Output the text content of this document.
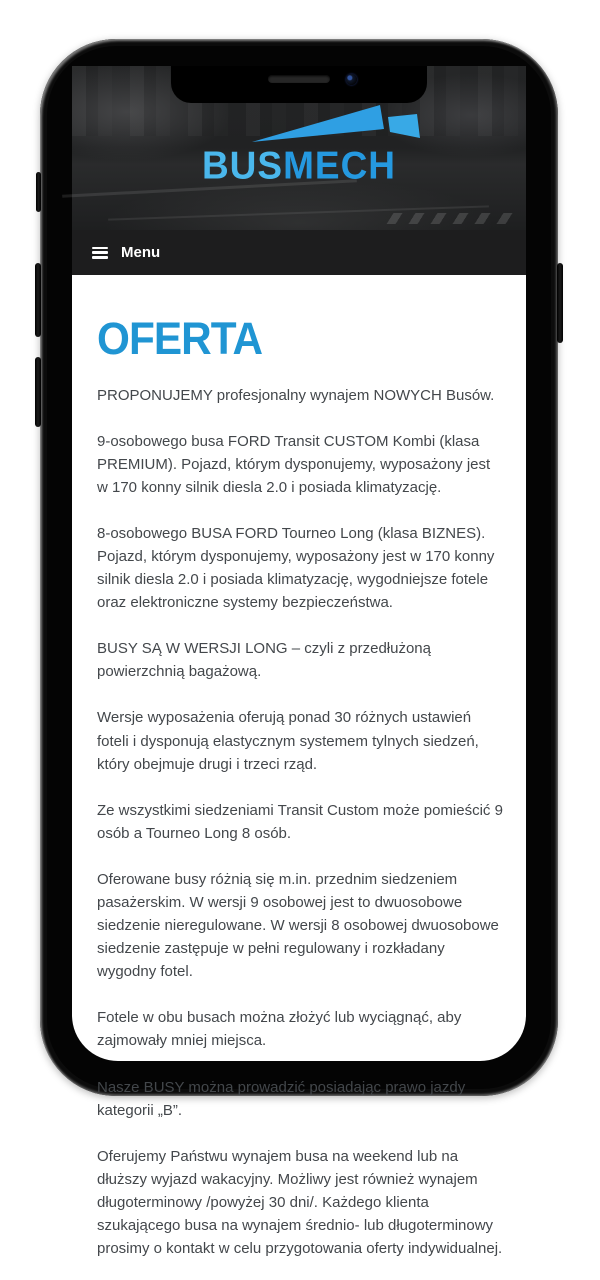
BUSMECH
Menu
OFERTA

PROPONUJEMY profesjonalny wynajem NOWYCH Busów.

9-osobowego busa FORD Transit CUSTOM Kombi (klasa PREMIUM). Pojazd, którym dysponujemy, wyposażony jest w 170 konny silnik diesla 2.0 i posiada klimatyzację.

8-osobowego BUSA FORD Tourneo Long (klasa BIZNES). Pojazd, którym dysponujemy, wyposażony jest w 170 konny silnik diesla 2.0 i posiada klimatyzację, wygodniejsze fotele oraz elektroniczne systemy bezpieczeństwa.

BUSY SĄ W WERSJI LONG – czyli z przedłużoną powierzchnią bagażową.

Wersje wyposażenia oferują ponad 30 różnych ustawień foteli i dysponują elastycznym systemem tylnych siedzeń, który obejmuje drugi i trzeci rząd.

Ze wszystkimi siedzeniami Transit Custom może pomieścić 9 osób a Tourneo Long 8 osób.

Oferowane busy różnią się m.in. przednim siedzeniem pasażerskim. W wersji 9 osobowej jest to dwuosobowe siedzenie nieregulowane. W wersji 8 osobowej dwuosobowe siedzenie zastępuje w pełni regulowany i rozkładany wygodny fotel.

Fotele w obu busach można złożyć lub wyciągnąć, aby zajmowały mniej miejsca.

Nasze BUSY można prowadzić posiadając prawo jazdy kategorii „B”.

Oferujemy Państwu wynajem busa na weekend lub na dłuższy wyjazd wakacyjny. Możliwy jest również wynajem długoterminowy /powyżej 30 dni/. Każdego klienta szukającego busa na wynajem średnio- lub długoterminowy prosimy o kontakt w celu przygotowania oferty indywidualnej.
